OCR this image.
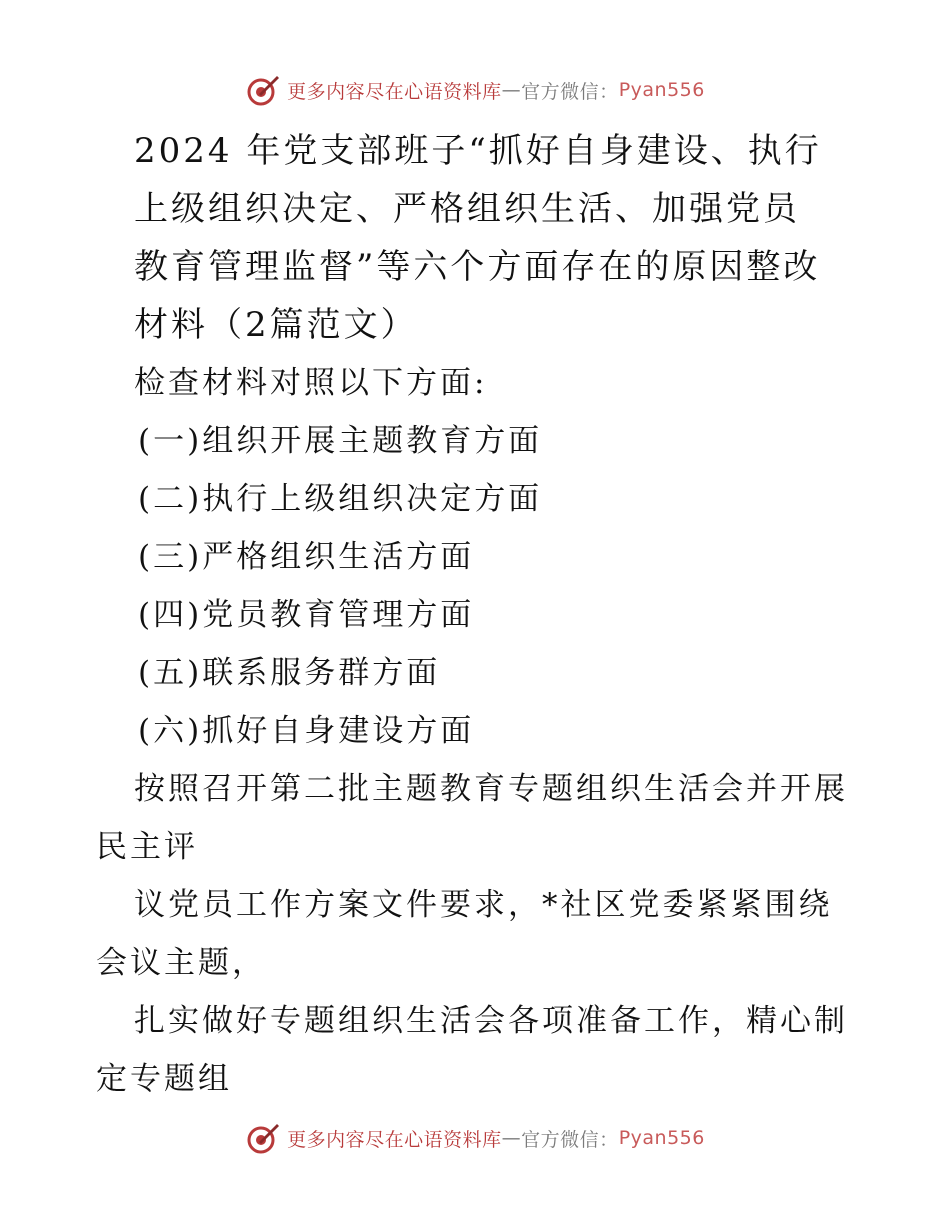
更多内容尽在心语资料库 — 官方微信： Pyan556
2024 年党支部班子“抓好自身建设、执行
上级组织决定、严格组织生活、加强党员
教育管理监督”等六个方面存在的原因整改
材料（2篇范文）
检查材料对照以下方面:
(一)组织开展主题教育方面
(二)执行上级组织决定方面
(三)严格组织生活方面
(四)党员教育管理方面
(五)联系服务群方面
(六)抓好自身建设方面
按照召开第二批主题教育专题组织生活会并开展
民主评
议党员工作方案文件要求，*社区党委紧紧围绕
会议主题，
扎实做好专题组织生活会各项准备工作，精心制
定专题组
更多内容尽在心语资料库 — 官方微信： Pyan556
